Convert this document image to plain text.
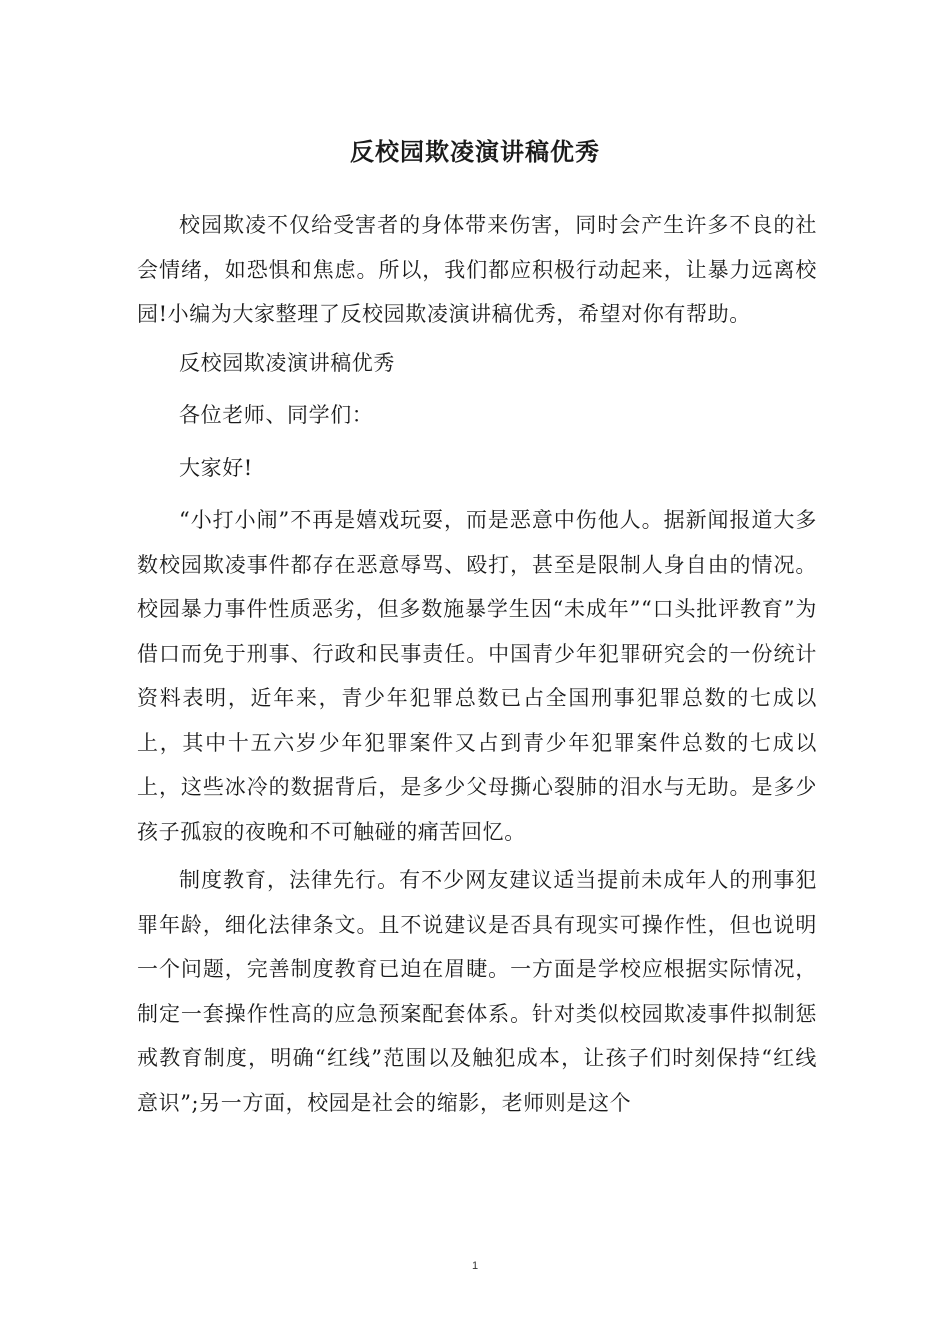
反校园欺凌演讲稿优秀

校园欺凌不仅给受害者的身体带来伤害，同时会产生许多不良的社会情绪，如恐惧和焦虑。所以，我们都应积极行动起来，让暴力远离校园!小编为大家整理了反校园欺凌演讲稿优秀，希望对你有帮助。

反校园欺凌演讲稿优秀

各位老师、同学们：

大家好!

“小打小闹”不再是嬉戏玩耍，而是恶意中伤他人。据新闻报道大多数校园欺凌事件都存在恶意辱骂、殴打，甚至是限制人身自由的情况。校园暴力事件性质恶劣，但多数施暴学生因“未成年”“口头批评教育”为借口而免于刑事、行政和民事责任。中国青少年犯罪研究会的一份统计资料表明，近年来，青少年犯罪总数已占全国刑事犯罪总数的七成以上，其中十五六岁少年犯罪案件又占到青少年犯罪案件总数的七成以上，这些冰冷的数据背后，是多少父母撕心裂肺的泪水与无助。是多少孩子孤寂的夜晚和不可触碰的痛苦回忆。

制度教育，法律先行。有不少网友建议适当提前未成年人的刑事犯罪年龄，细化法律条文。且不说建议是否具有现实可操作性，但也说明一个问题，完善制度教育已迫在眉睫。一方面是学校应根据实际情况，制定一套操作性高的应急预案配套体系。针对类似校园欺凌事件拟制惩戒教育制度，明确“红线”范围以及触犯成本，让孩子们时刻保持“红线意识”;另一方面，校园是社会的缩影，老师则是这个

1
